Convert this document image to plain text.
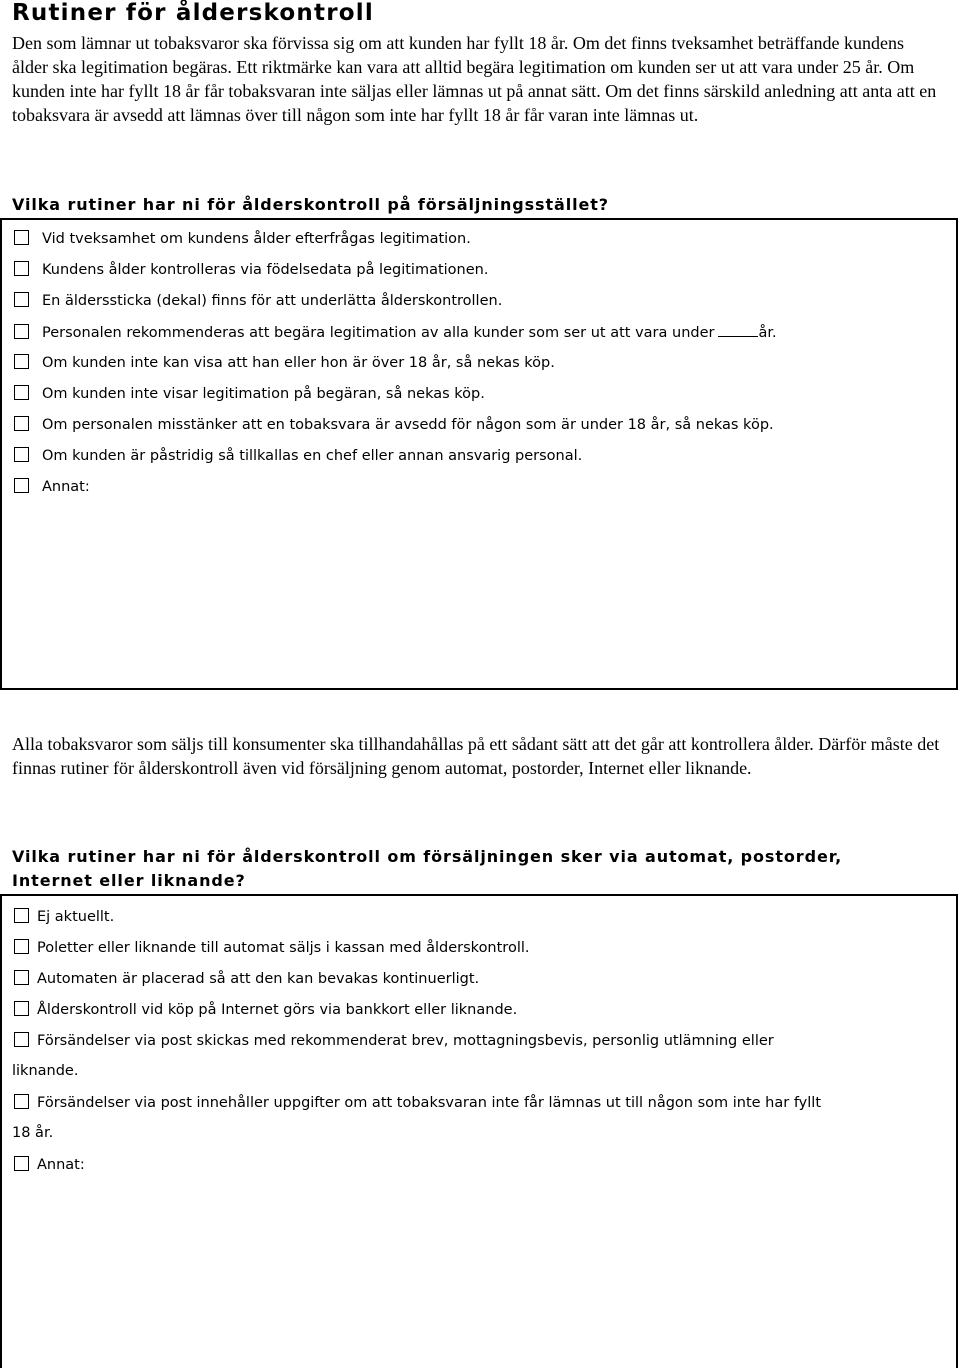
Rutiner för ålderskontroll

Den som lämnar ut tobaksvaror ska förvissa sig om att kunden har fyllt 18 år. Om det finns tveksamhet beträffande kundens ålder ska legitimation begäras. Ett riktmärke kan vara att alltid begära legitimation om kunden ser ut att vara under 25 år. Om kunden inte har fyllt 18 år får tobaksvaran inte säljas eller lämnas ut på annat sätt. Om det finns särskild anledning att anta att en tobaksvara är avsedd att lämnas över till någon som inte har fyllt 18 år får varan inte lämnas ut.

Vilka rutiner har ni för ålderskontroll på försäljningsstället?

Vid tveksamhet om kundens ålder efterfrågas legitimation.
Kundens ålder kontrolleras via födelsedata på legitimationen.
En älderssticka (dekal) finns för att underlätta ålderskontrollen.
Personalen rekommenderas att begära legitimation av alla kunder som ser ut att vara under	år.
Om kunden inte kan visa att han eller hon är över 18 år, så nekas köp.
Om kunden inte visar legitimation på begäran, så nekas köp.
Om personalen misstänker att en tobaksvara är avsedd för någon som är under 18 år, så nekas köp.
Om kunden är påstridig så tillkallas en chef eller annan ansvarig personal.
Annat:

Alla tobaksvaror som säljs till konsumenter ska tillhandahållas på ett sådant sätt att det går att kontrollera ålder. Därför måste det finnas rutiner för ålderskontroll även vid försäljning genom automat, postorder, Internet eller liknande.

Vilka rutiner har ni för ålderskontroll om försäljningen sker via automat, postorder, Internet eller liknande?

Ej aktuellt.
Poletter eller liknande till automat säljs i kassan med ålderskontroll.
Automaten är placerad så att den kan bevakas kontinuerligt.
Ålderskontroll vid köp på Internet görs via bankkort eller liknande.
Försändelser via post skickas med rekommenderat brev, mottagningsbevis, personlig utlämning eller
liknande.
Försändelser via post innehåller uppgifter om att tobaksvaran inte får lämnas ut till någon som inte har fyllt
18 år.
Annat:
